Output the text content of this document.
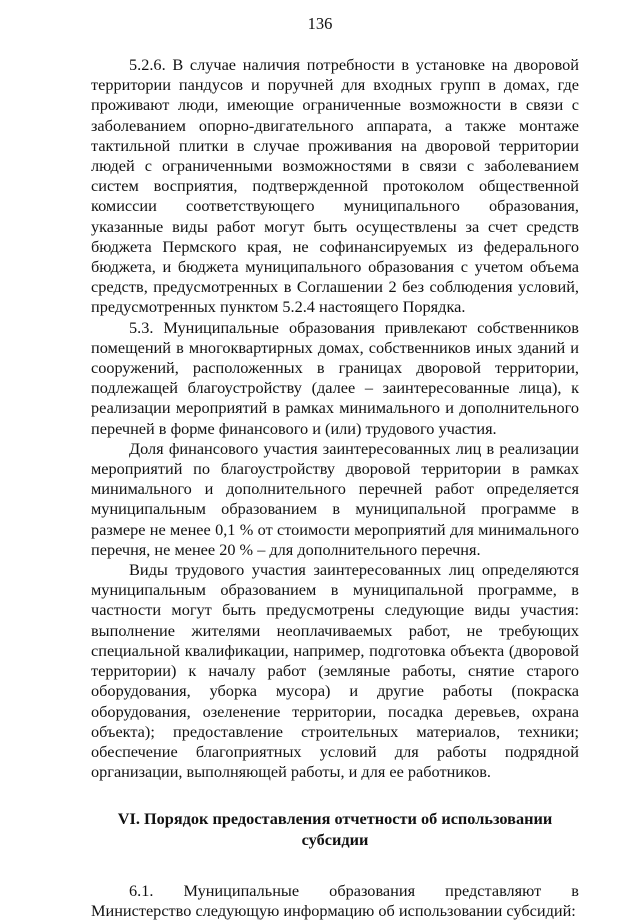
136

5.2.6. В случае наличия потребности в установке на дворовой территории пандусов и поручней для входных групп в домах, где проживают люди, имеющие ограниченные возможности в связи с заболеванием опорно-двигательного аппарата, а также монтаже тактильной плитки в случае проживания на дворовой территории людей с ограниченными возможностями в связи с заболеванием систем восприятия, подтвержденной протоколом общественной комиссии соответствующего муниципального образования, указанные виды работ могут быть осуществлены за счет средств бюджета Пермского края, не софинансируемых из федерального бюджета, и бюджета муниципального образования с учетом объема средств, предусмотренных в Соглашении 2 без соблюдения условий, предусмотренных пунктом 5.2.4 настоящего Порядка.

5.3. Муниципальные образования привлекают собственников помещений в многоквартирных домах, собственников иных зданий и сооружений, расположенных в границах дворовой территории, подлежащей благоустройству (далее – заинтересованные лица), к реализации мероприятий в рамках минимального и дополнительного перечней в форме финансового и (или) трудового участия.

Доля финансового участия заинтересованных лиц в реализации мероприятий по благоустройству дворовой территории в рамках минимального и дополнительного перечней работ определяется муниципальным образованием в муниципальной программе в размере не менее 0,1 % от стоимости мероприятий для минимального перечня, не менее 20 % – для дополнительного перечня.

Виды трудового участия заинтересованных лиц определяются муниципальным образованием в муниципальной программе, в частности могут быть предусмотрены следующие виды участия: выполнение жителями неоплачиваемых работ, не требующих специальной квалификации, например, подготовка объекта (дворовой территории) к началу работ (земляные работы, снятие старого оборудования, уборка мусора) и другие работы (покраска оборудования, озеленение территории, посадка деревьев, охрана объекта); предоставление строительных материалов, техники; обеспечение благоприятных условий для работы подрядной организации, выполняющей работы, и для ее работников.

VI. Порядок предоставления отчетности об использовании субсидии

6.1. Муниципальные образования представляют в Министерство следующую информацию об использовании субсидий:
